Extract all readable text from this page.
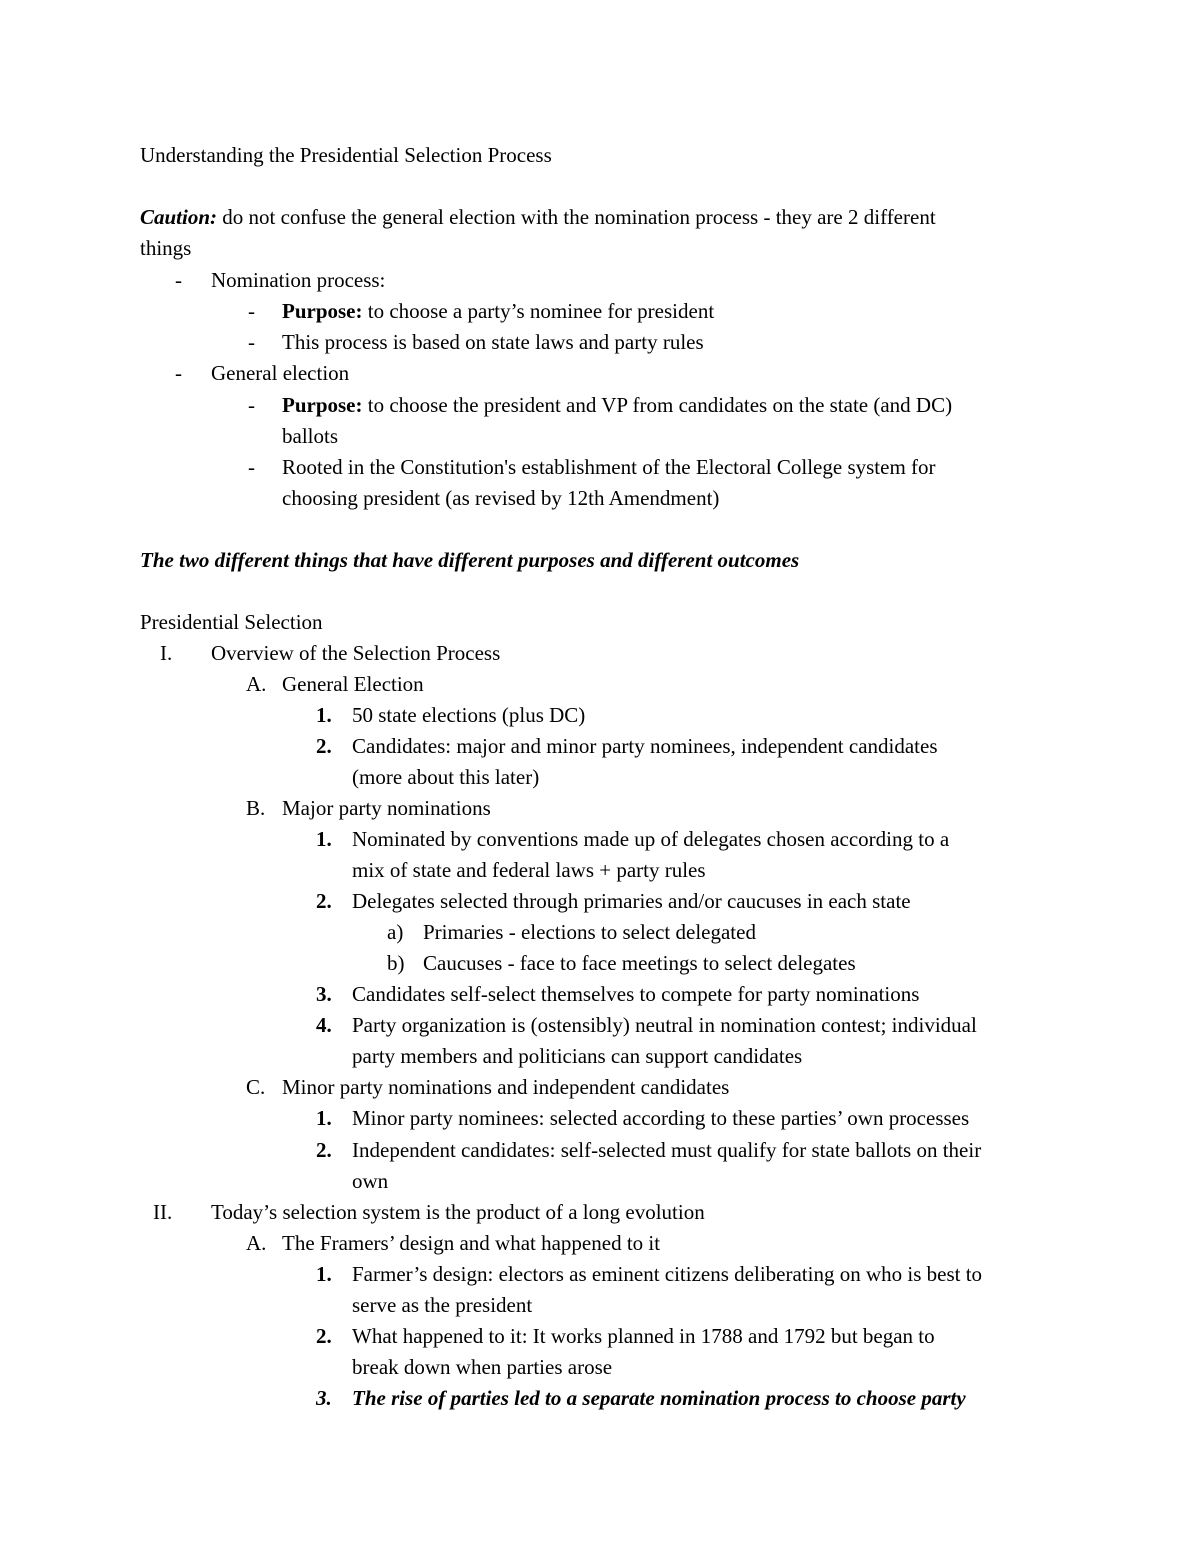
Understanding the Presidential Selection Process
Caution: do not confuse the general election with the nomination process - they are 2 different
things
- Nomination process:
- Purpose: to choose a party’s nominee for president
- This process is based on state laws and party rules
- General election
- Purpose: to choose the president and VP from candidates on the state (and DC)
ballots
- Rooted in the Constitution's establishment of the Electoral College system for
choosing president (as revised by 12th Amendment)
The two different things that have different purposes and different outcomes
Presidential Selection
I. Overview of the Selection Process
A. General Election
1. 50 state elections (plus DC)
2. Candidates: major and minor party nominees, independent candidates
(more about this later)
B. Major party nominations
1. Nominated by conventions made up of delegates chosen according to a
mix of state and federal laws + party rules
2. Delegates selected through primaries and/or caucuses in each state
a) Primaries - elections to select delegated
b) Caucuses - face to face meetings to select delegates
3. Candidates self-select themselves to compete for party nominations
4. Party organization is (ostensibly) neutral in nomination contest; individual
party members and politicians can support candidates
C. Minor party nominations and independent candidates
1. Minor party nominees: selected according to these parties’ own processes
2. Independent candidates: self-selected must qualify for state ballots on their
own
II. Today’s selection system is the product of a long evolution
A. The Framers’ design and what happened to it
1. Farmer’s design: electors as eminent citizens deliberating on who is best to
serve as the president
2. What happened to it: It works planned in 1788 and 1792 but began to
break down when parties arose
3. The rise of parties led to a separate nomination process to choose party
